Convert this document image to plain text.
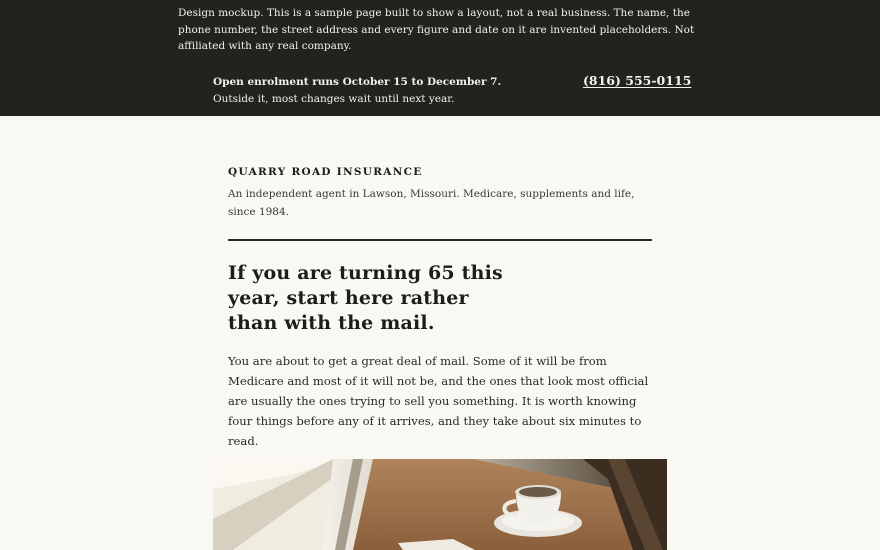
Design mockup. This is a sample page built to show a layout, not a real business. The name, the phone number, the street address and every figure and date on it are invented placeholders. Not affiliated with any real company.

Open enrolment runs October 15 to December 7. Outside it, most changes wait until next year.

(816) 555-0115
QUARRY ROAD INSURANCE

An independent agent in Lawson, Missouri. Medicare, supplements and life, since 1984.

If you are turning 65 this year, start here rather than with the mail.

You are about to get a great deal of mail. Some of it will be from Medicare and most of it will not be, and the ones that look most official are usually the ones trying to sell you something. It is worth knowing four things before any of it arrives, and they take about six minutes to read.
